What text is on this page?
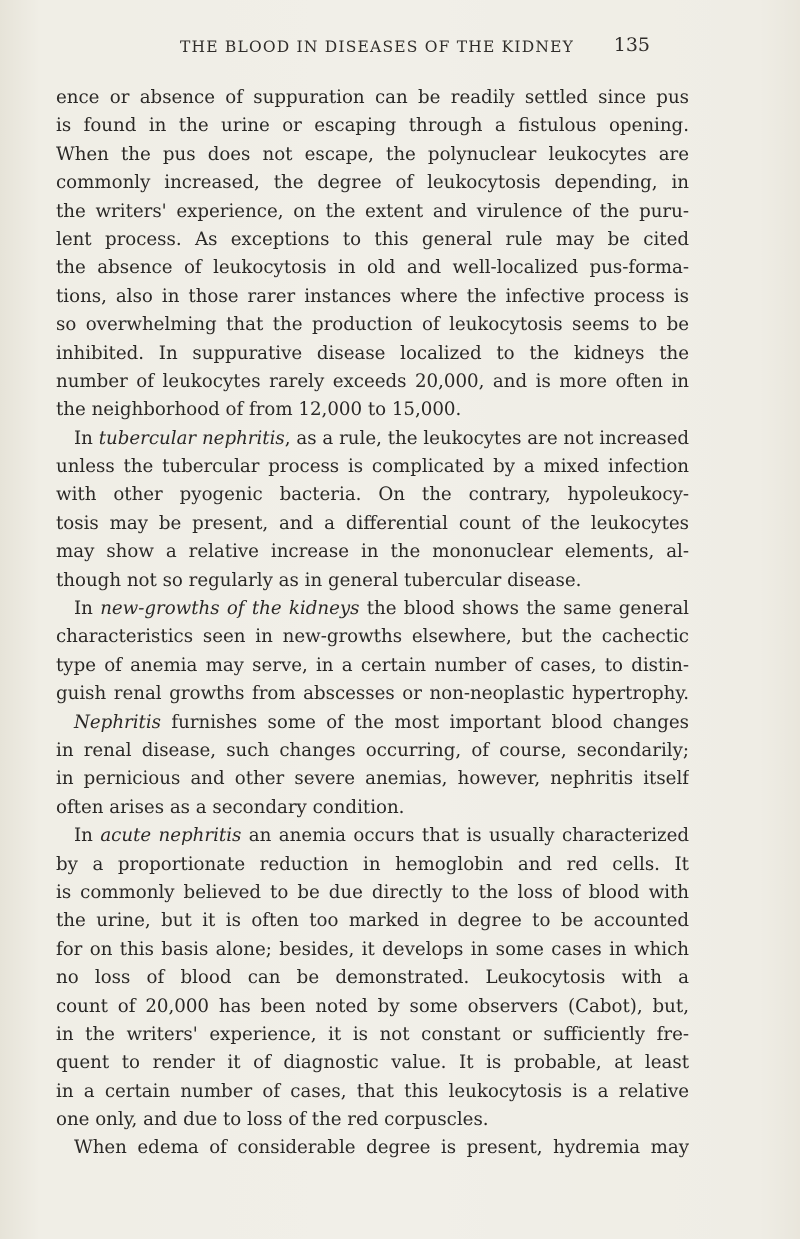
THE BLOOD IN DISEASES OF THE KIDNEY 135
ence or absence of suppuration can be readily settled since pus
is found in the urine or escaping through a fistulous opening.
When the pus does not escape, the polynuclear leukocytes are
commonly increased, the degree of leukocytosis depending, in
the writers' experience, on the extent and virulence of the puru-
lent process. As exceptions to this general rule may be cited
the absence of leukocytosis in old and well-localized pus-forma-
tions, also in those rarer instances where the infective process is
so overwhelming that the production of leukocytosis seems to be
inhibited. In suppurative disease localized to the kidneys the
number of leukocytes rarely exceeds 20,000, and is more often in
the neighborhood of from 12,000 to 15,000.
In tubercular nephritis, as a rule, the leukocytes are not increased
unless the tubercular process is complicated by a mixed infection
with other pyogenic bacteria. On the contrary, hypoleukocy-
tosis may be present, and a differential count of the leukocytes
may show a relative increase in the mononuclear elements, al-
though not so regularly as in general tubercular disease.
In new-growths of the kidneys the blood shows the same general
characteristics seen in new-growths elsewhere, but the cachectic
type of anemia may serve, in a certain number of cases, to distin-
guish renal growths from abscesses or non-neoplastic hypertrophy.
Nephritis furnishes some of the most important blood changes
in renal disease, such changes occurring, of course, secondarily;
in pernicious and other severe anemias, however, nephritis itself
often arises as a secondary condition.
In acute nephritis an anemia occurs that is usually characterized
by a proportionate reduction in hemoglobin and red cells. It
is commonly believed to be due directly to the loss of blood with
the urine, but it is often too marked in degree to be accounted
for on this basis alone; besides, it develops in some cases in which
no loss of blood can be demonstrated. Leukocytosis with a
count of 20,000 has been noted by some observers (Cabot), but,
in the writers' experience, it is not constant or sufficiently fre-
quent to render it of diagnostic value. It is probable, at least
in a certain number of cases, that this leukocytosis is a relative
one only, and due to loss of the red corpuscles.
When edema of considerable degree is present, hydremia may
